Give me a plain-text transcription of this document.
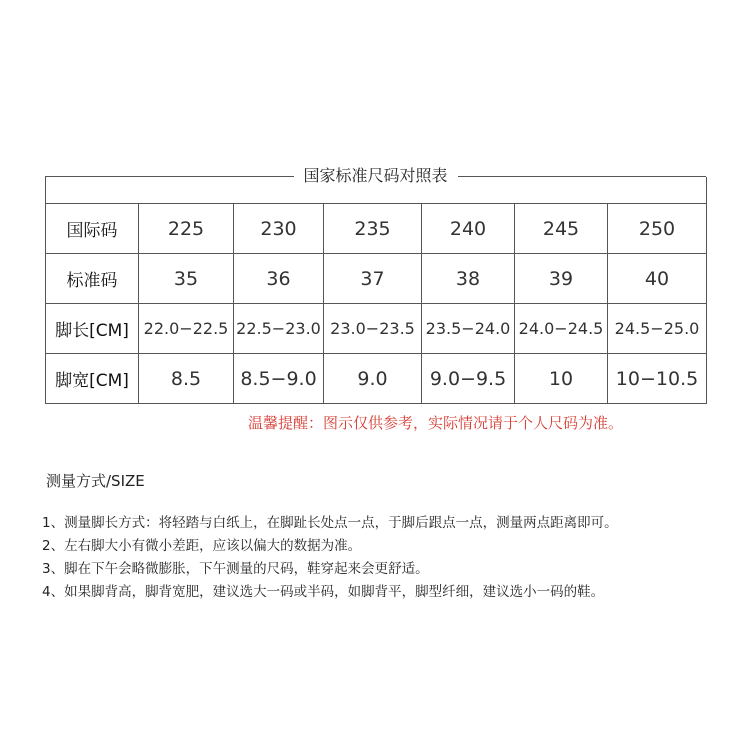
国家标准尺码对照表

国际码	225	230	235	240	245	250
标准码	35	36	37	38	39	40
脚长[CM]	22.0−22.5	22.5−23.0	23.0−23.5	23.5−24.0	24.0−24.5	24.5−25.0
脚宽[CM]	8.5	8.5−9.0	9.0	9.0−9.5	10	10−10.5
温馨提醒：图示仅供参考，实际情况请于个人尺码为准。
测量方式/SIZE
1、测量脚长方式：将轻踏与白纸上，在脚趾长处点一点，于脚后跟点一点，测量两点距离即可。
2、左右脚大小有微小差距，应该以偏大的数据为准。
3、脚在下午会略微膨胀，下午测量的尺码，鞋穿起来会更舒适。
4、如果脚背高，脚背宽肥，建议选大一码或半码，如脚背平，脚型纤细，建议选小一码的鞋。
